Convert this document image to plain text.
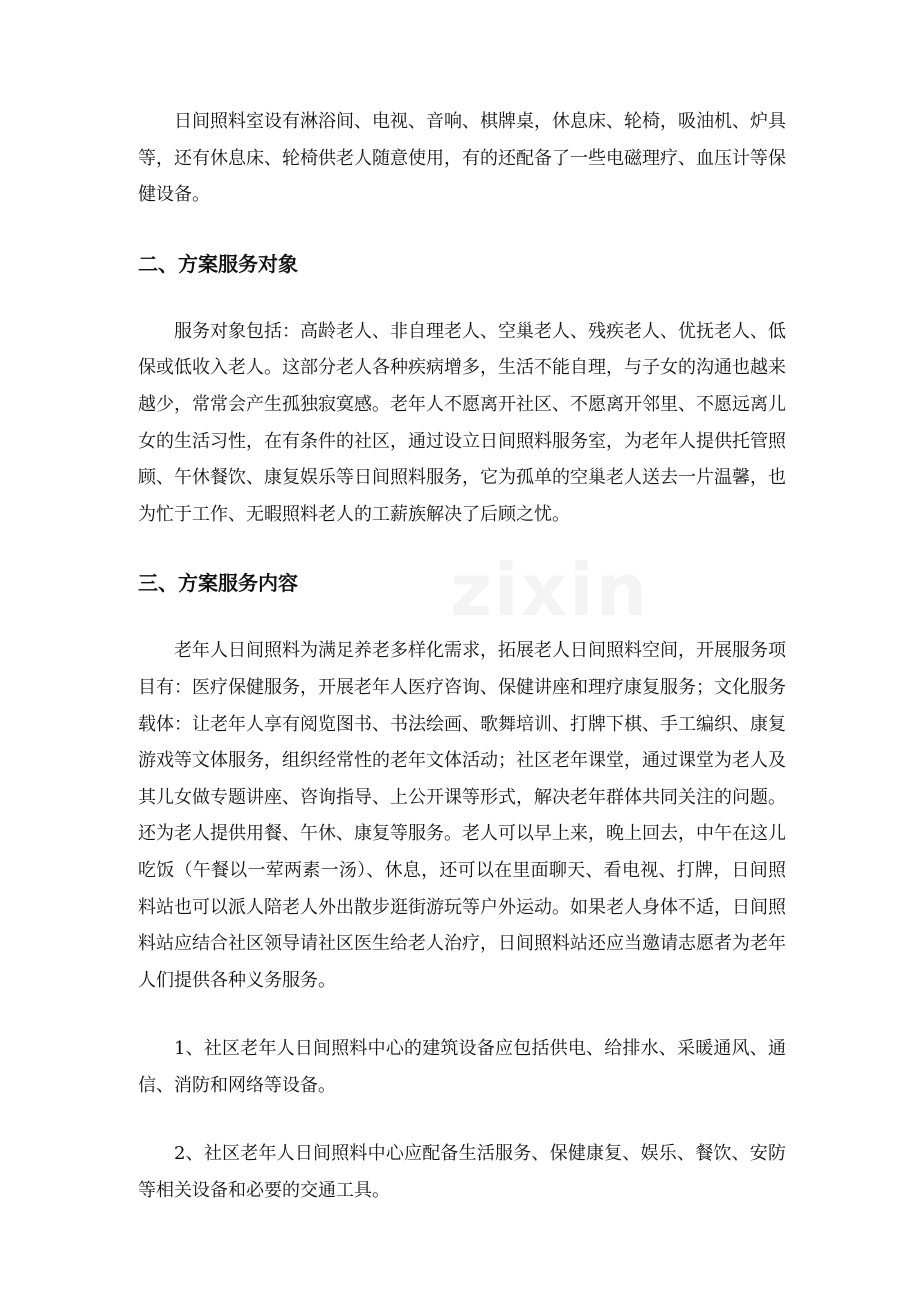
日间照料室设有淋浴间、电视、音响、棋牌桌，休息床、轮椅，吸油机、炉具等，还有休息床、轮椅供老人随意使用，有的还配备了一些电磁理疗、血压计等保健设备。

二、方案服务对象

服务对象包括：高龄老人、非自理老人、空巢老人、残疾老人、优抚老人、低保或低收入老人。这部分老人各种疾病增多，生活不能自理，与子女的沟通也越来越少，常常会产生孤独寂寞感。老年人不愿离开社区、不愿离开邻里、不愿远离儿女的生活习性，在有条件的社区，通过设立日间照料服务室，为老年人提供托管照顾、午休餐饮、康复娱乐等日间照料服务，它为孤单的空巢老人送去一片温馨，也为忙于工作、无暇照料老人的工薪族解决了后顾之忧。

三、方案服务内容

老年人日间照料为满足养老多样化需求，拓展老人日间照料空间，开展服务项目有：医疗保健服务，开展老年人医疗咨询、保健讲座和理疗康复服务；文化服务载体：让老年人享有阅览图书、书法绘画、歌舞培训、打牌下棋、手工编织、康复游戏等文体服务，组织经常性的老年文体活动；社区老年课堂，通过课堂为老人及其儿女做专题讲座、咨询指导、上公开课等形式，解决老年群体共同关注的问题。还为老人提供用餐、午休、康复等服务。老人可以早上来，晚上回去，中午在这儿吃饭（午餐以一荤两素一汤）、休息，还可以在里面聊天、看电视、打牌，日间照料站也可以派人陪老人外出散步逛街游玩等户外运动。如果老人身体不适，日间照料站应结合社区领导请社区医生给老人治疗，日间照料站还应当邀请志愿者为老年人们提供各种义务服务。

1、社区老年人日间照料中心的建筑设备应包括供电、给排水、采暖通风、通信、消防和网络等设备。

2、社区老年人日间照料中心应配备生活服务、保健康复、娱乐、餐饮、安防等相关设备和必要的交通工具。
